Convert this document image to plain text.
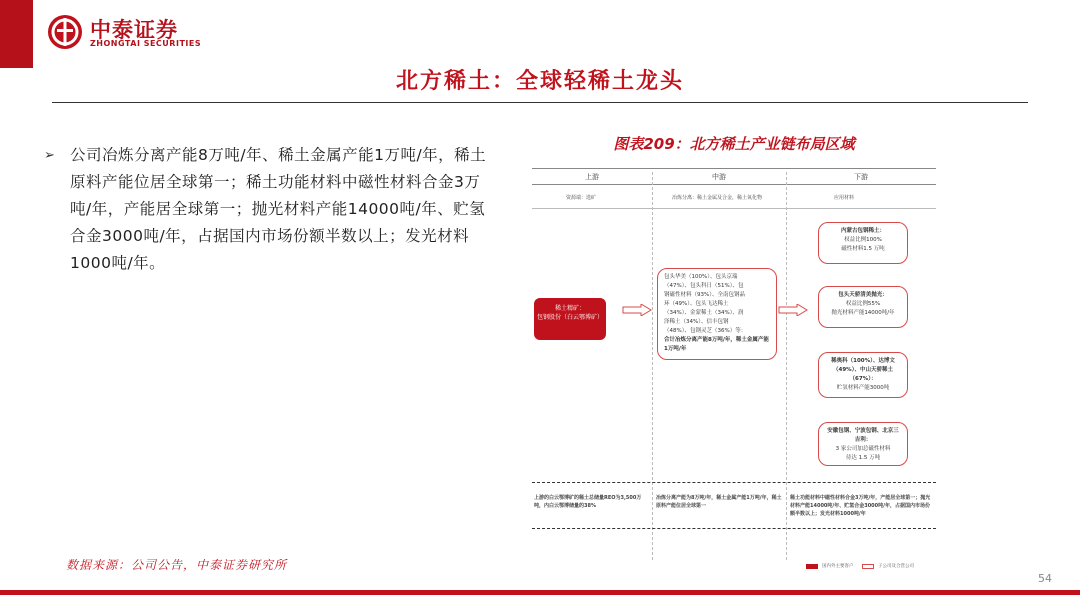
中泰证券
ZHONGTAI SECURITIES
北方稀土：全球轻稀土龙头
➢ 公司冶炼分离产能8万吨/年、稀土金属产能1万吨/年，稀土原料产能位居全球第一；稀土功能材料中磁性材料合金3万吨/年，产能居全球第一；抛光材料产能14000吨/年、贮氢合金3000吨/年，占据国内市场份额半数以上；发光材料1000吨/年。
图表209：北方稀土产业链布局区域
上游	中游	下游
资源端：选矿	冶炼分离：稀土金属及合金，稀土氧化物	应用材料
稀土精矿：
包钢股份（白云鄂博矿）
包头华美（100%）、包头京瑞
（47%）、包头科日（51%）、包
钢磁性材料（93%）、全南包钢晶
环（49%）、包头飞达稀土
（34%）、金蒙稀土（34%）、润
泽稀土（34%）、信丰包钢
（48%）、包钢灵芝（36%）等：
合计冶炼分离产能8万吨/年，稀土金属产能1万吨/年
内蒙古包钢稀土：
权益比例100%
磁性材料1.5 万吨
包头天骄清美抛光：
权益比例55%
抛光材料产能14000吨/年
稀奥科（100%）、达博文（49%）、中山天骄稀土（67%）：
贮氢材料产能3000吨
安徽包钢、宁波包钢、北京三吉利：
3 家公司加总磁性材料
待达 1.5 万吨
上游的白云鄂博矿的稀土总储量REO为3,500万吨，内白云鄂博储量的38%
冶炼分离产能为8万吨/年，稀土金属产能1万吨/年，稀土原料产能位居全球第一
稀土功能材料中磁性材料合金3万吨/年，产能居全球第一；抛光材料产能14000吨/年、贮氢合金3000吨/年，占据国内市场份额半数以上；发光材料1000吨/年
国内外主要客户	子公司及合营公司
数据来源：公司公告，中泰证券研究所
54
